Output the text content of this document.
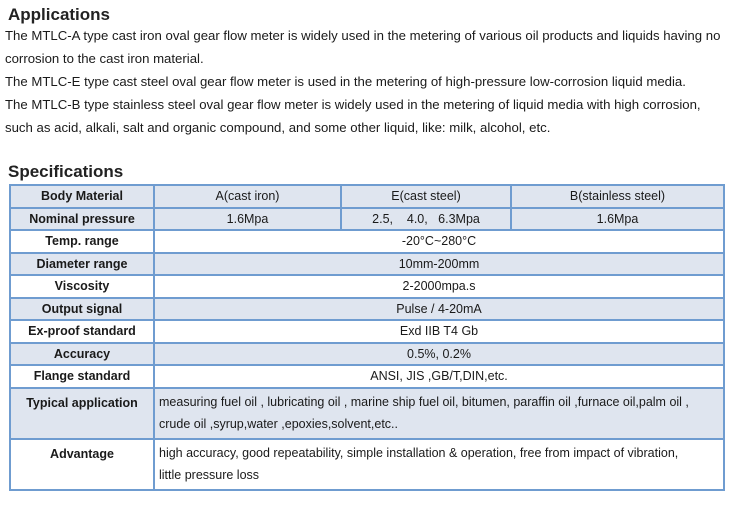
Applications
The MTLC-A type cast iron oval gear flow meter is widely used in the metering of various oil products and liquids having no
corrosion to the cast iron material.
The MTLC-E type cast steel oval gear flow meter is used in the metering of high-pressure low-corrosion liquid media.
The MTLC-B type stainless steel oval gear flow meter is widely used in the metering of liquid media with high corrosion,
such as acid, alkali, salt and organic compound, and some other liquid, like: milk, alcohol, etc.
Specifications
Body Material	A(cast iron)	E(cast steel)	B(stainless steel)
Nominal pressure	1.6Mpa	2.5,    4.0,   6.3Mpa	1.6Mpa
Temp. range	-20°C~280°C		
Diameter range	10mm-200mm		
Viscosity	2-2000mpa.s		
Output signal	Pulse / 4-20mA		
Ex-proof standard	Exd IIB T4 Gb		
Accuracy	0.5%, 0.2%		
Flange standard	ANSI, JIS ,GB/T,DIN,etc.		
Typical application	measuring fuel oil , lubricating oil , marine ship fuel oil, bitumen, paraffin oil ,furnace oil,palm oil ,
crude oil ,syrup,water ,epoxies,solvent,etc..		

Advantage	high accuracy, good repeatability, simple installation & operation, free from impact of vibration,
little pressure loss		
